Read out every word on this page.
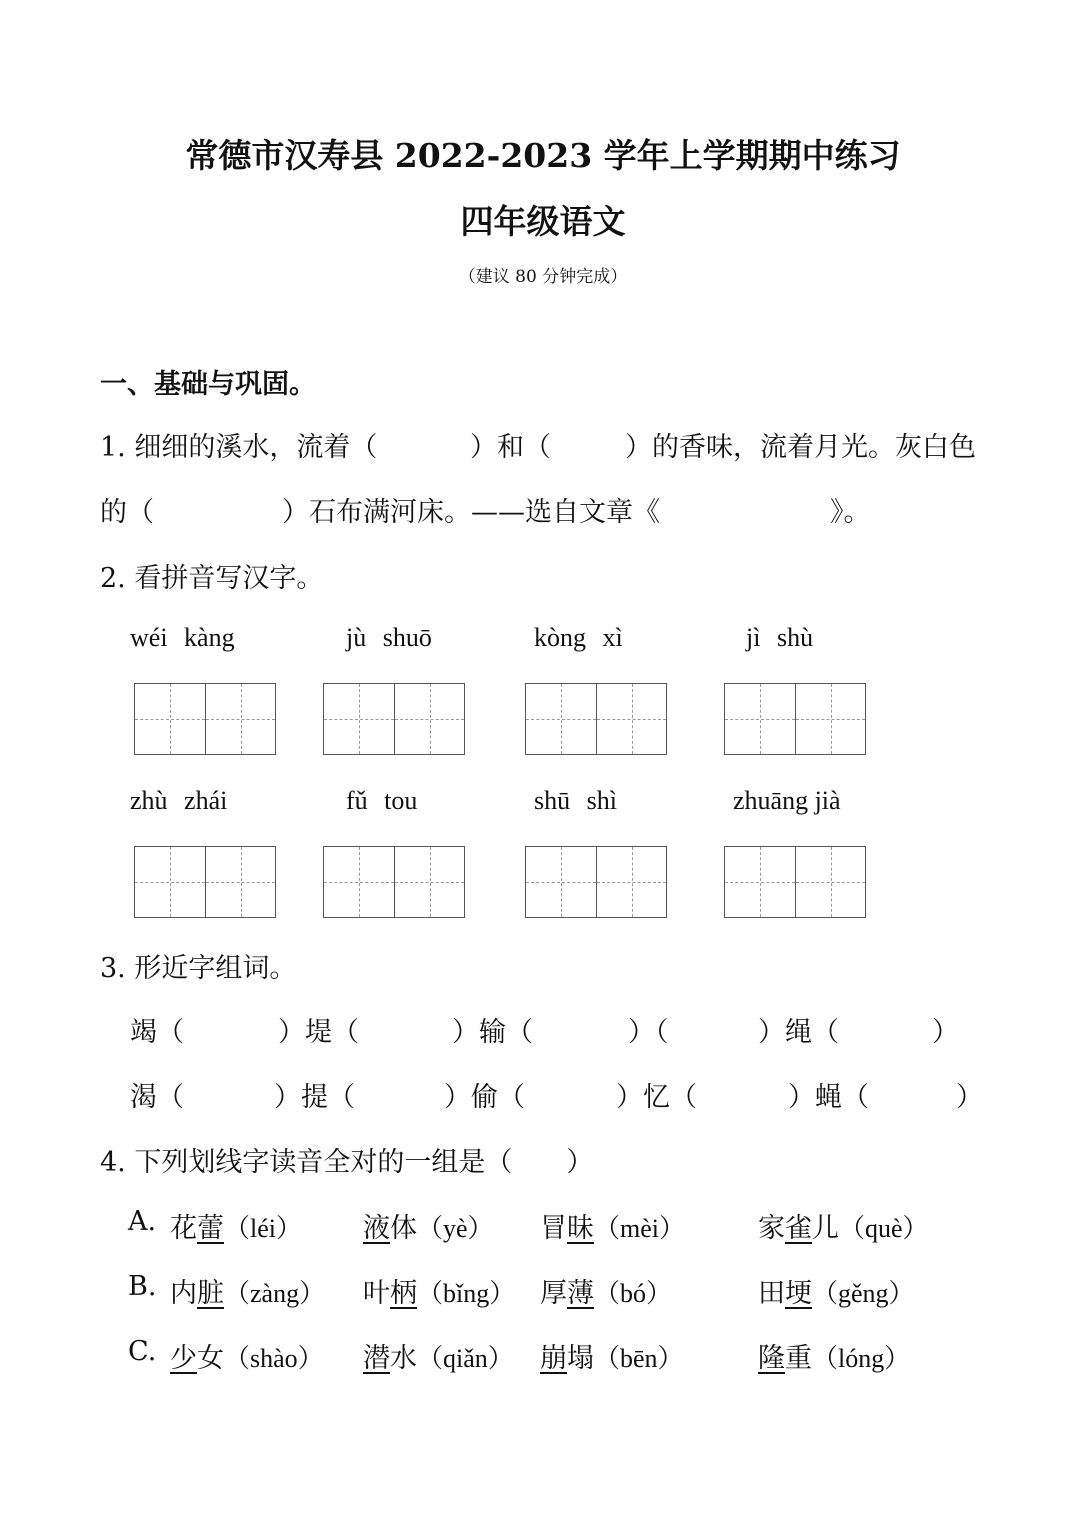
常德市汉寿县 2022-2023 学年上学期期中练习
四年级语文
（建议 80 分钟完成）
一、基础与巩固。
1. 细细的溪水，流着（	）和（	）的香味，流着月光。灰白色
的（	）石布满河床。——选自文章《	》。
2. 看拼音写汉字。
wéi kàng	jù shuō	kòng xì	jì shù
zhù zhái	fǔ tou	shū shì	zhuāng jià
3. 形近字组词。
竭（	）堤（	）输（	）（	）绳（	）
渴（	）提（	）偷（	）忆（	）蝇（	）
4. 下列划线字读音全对的一组是（　　）
A. 花蕾（léi） 液体（yè） 冒昧（mèi）	家雀儿（què）
B. 内脏（zàng） 叶柄（bǐng） 厚薄（bó）	田埂（gěng）
C. 少女（shào） 潜水（qiǎn） 崩塌（bēn）	隆重（lóng）
